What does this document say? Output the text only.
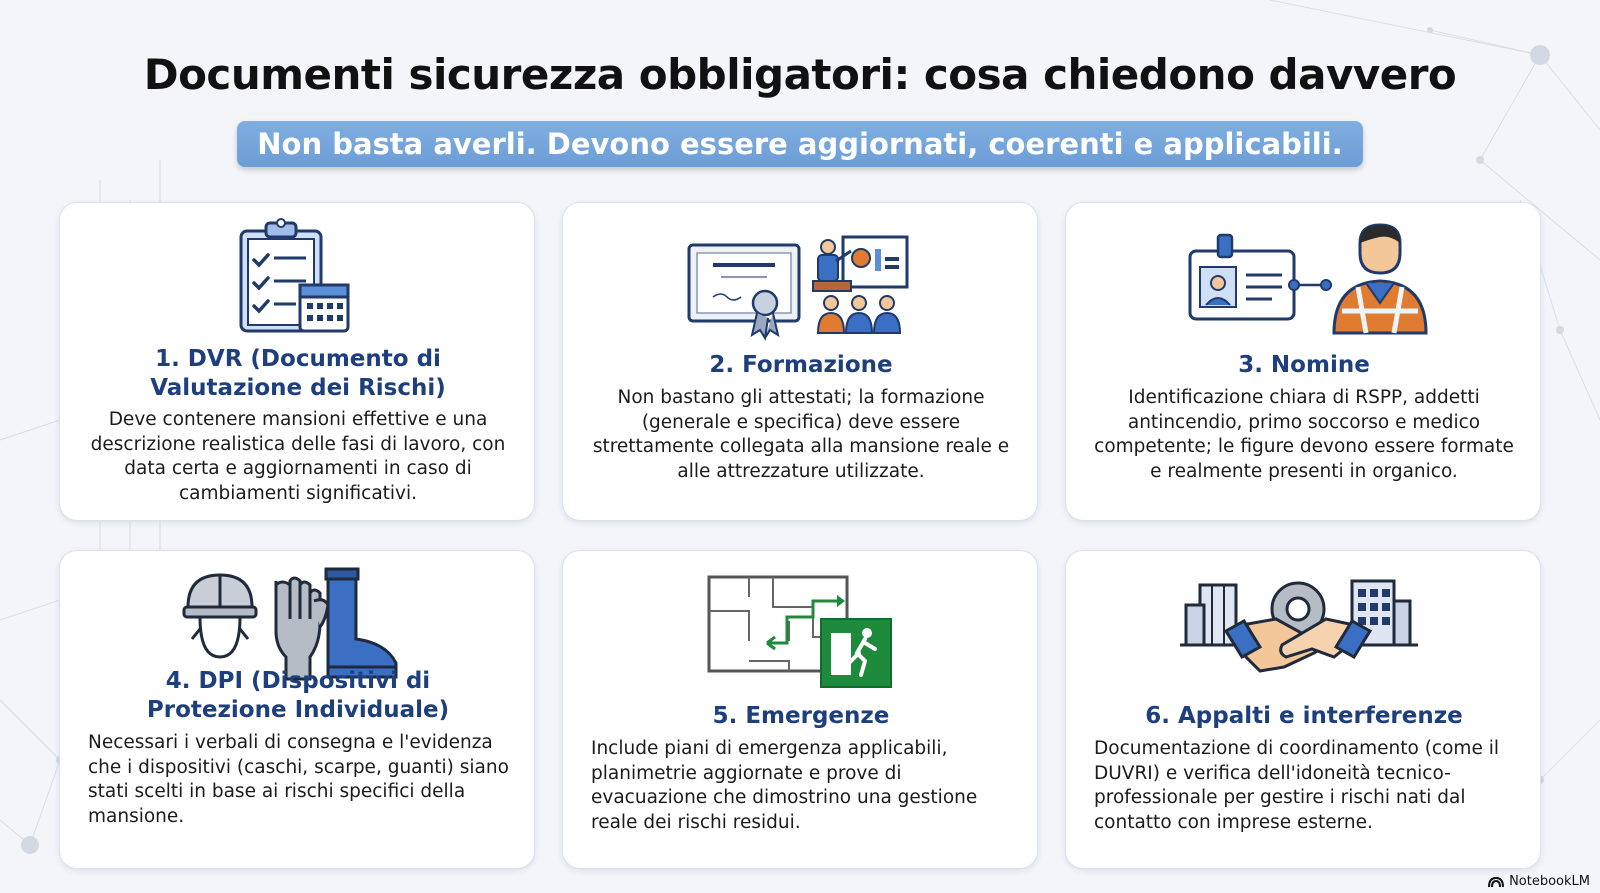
Documenti sicurezza obbligatori: cosa chiedono davvero
Non basta averli. Devono essere aggiornati, coerenti e applicabili.
1. DVR (Documento di
Valutazione dei Rischi)

Deve contenere mansioni effettive e una descrizione realistica delle fasi di lavoro, con data certa e aggiornamenti in caso di cambiamenti significativi.

2. Formazione

Non bastano gli attestati; la formazione (generale e specifica) deve essere strettamente collegata alla mansione reale e alle attrezzature utilizzate.

3. Nomine

Identificazione chiara di RSPP, addetti antincendio, primo soccorso e medico competente; le figure devono essere formate e realmente presenti in organico.

4. DPI (Dispositivi di
Protezione Individuale)

Necessari i verbali di consegna e l'evidenza che i dispositivi (caschi, scarpe, guanti) siano stati scelti in base ai rischi specifici della mansione.

5. Emergenze

Include piani di emergenza applicabili, planimetrie aggiornate e prove di evacuazione che dimostrino una gestione reale dei rischi residui.

6. Appalti e interferenze

Documentazione di coordinamento (come il DUVRI) e verifica dell'idoneità tecnico-professionale per gestire i rischi nati dal contatto con imprese esterne.

NotebookLM
